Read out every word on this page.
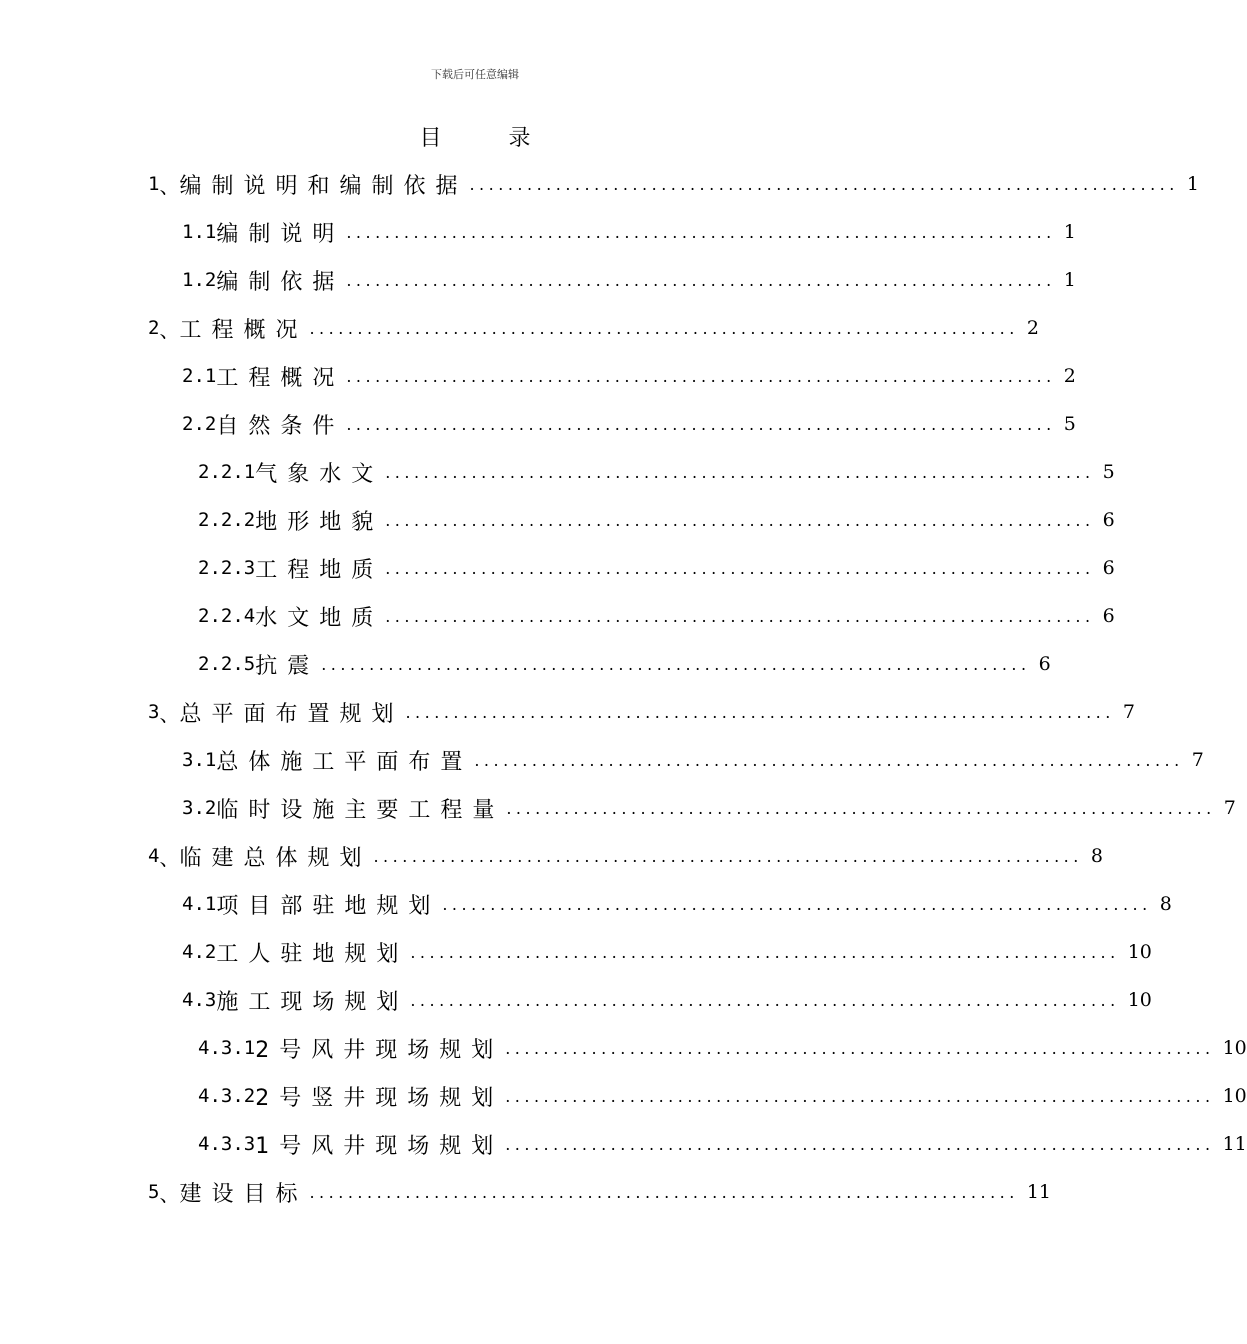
下载后可任意编辑
目 录
1 、 编制说明和编制依据 .......................................................................... 1
1.1 编制说明 .......................................................................... 1
1.2 编制依据 .......................................................................... 1
2 、 工程概况 .......................................................................... 2
2.1 工程概况 .......................................................................... 2
2.2 自然条件 .......................................................................... 5
2.2.1 气象水文 .......................................................................... 5
2.2.2 地形地貌 .......................................................................... 6
2.2.3 工程地质 .......................................................................... 6
2.2.4 水文地质 .......................................................................... 6
2.2.5 抗震 .......................................................................... 6
3 、 总平面布置规划 .......................................................................... 7
3.1 总体施工平面布置 .......................................................................... 7
3.2 临时设施主要工程量 .......................................................................... 7
4 、 临建总体规划 .......................................................................... 8
4.1 项目部驻地规划 .......................................................................... 8
4.2 工人驻地规划 .......................................................................... 10
4.3 施工现场规划 .......................................................................... 10
4.3.1 2号风井现场规划 .......................................................................... 10
4.3.2 2号竖井现场规划 .......................................................................... 10
4.3.3 1号风井现场规划 .......................................................................... 11
5 、 建设目标 .......................................................................... 11
